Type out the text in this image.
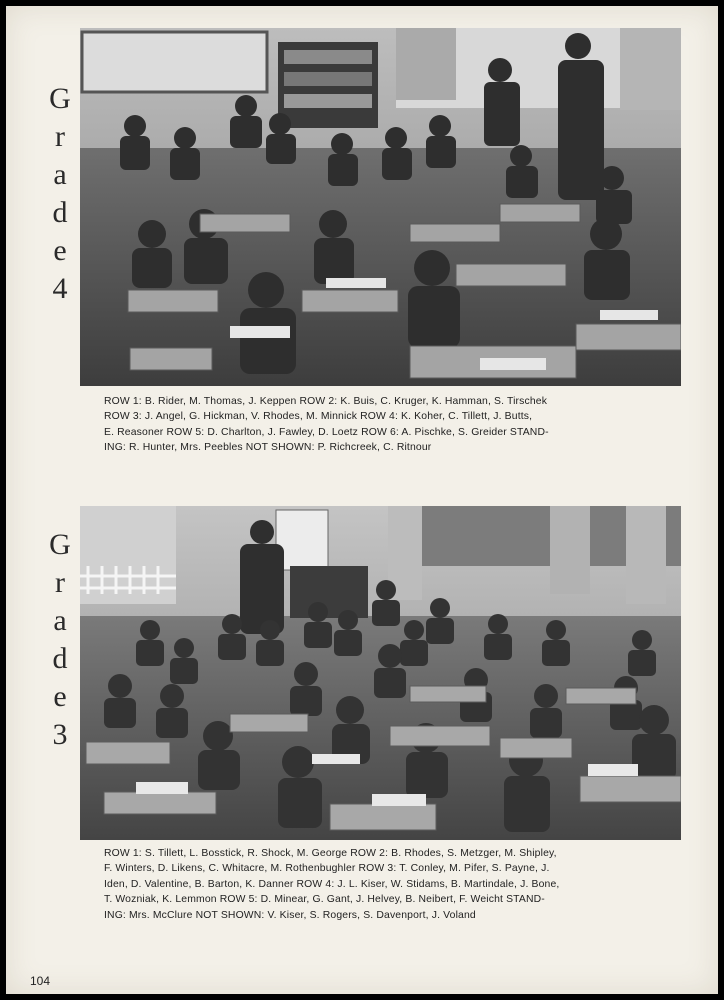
G
r
a
d
e
4

ROW 1: B. Rider, M. Thomas, J. Keppen ROW 2: K. Buis, C. Kruger, K. Hamman, S. Tirschek

ROW 3: J. Angel, G. Hickman, V. Rhodes, M. Minnick ROW 4: K. Koher, C. Tillett, J. Butts,

E. Reasoner ROW 5: D. Charlton, J. Fawley, D. Loetz ROW 6: A. Pischke, S. Greider STAND-

ING: R. Hunter, Mrs. Peebles NOT SHOWN: P. Richcreek, C. Ritnour

G
r
a
d
e
3

ROW 1: S. Tillett, L. Bosstick, R. Shock, M. George ROW 2: B. Rhodes, S. Metzger, M. Shipley,

F. Winters, D. Likens, C. Whitacre, M. Rothenbughler ROW 3: T. Conley, M. Pifer, S. Payne, J.

Iden, D. Valentine, B. Barton, K. Danner ROW 4: J. L. Kiser, W. Stidams, B. Martindale, J. Bone,

T. Wozniak, K. Lemmon ROW 5: D. Minear, G. Gant, J. Helvey, B. Neibert, F. Weicht STAND-

ING: Mrs. McClure NOT SHOWN: V. Kiser, S. Rogers, S. Davenport, J. Voland

104
